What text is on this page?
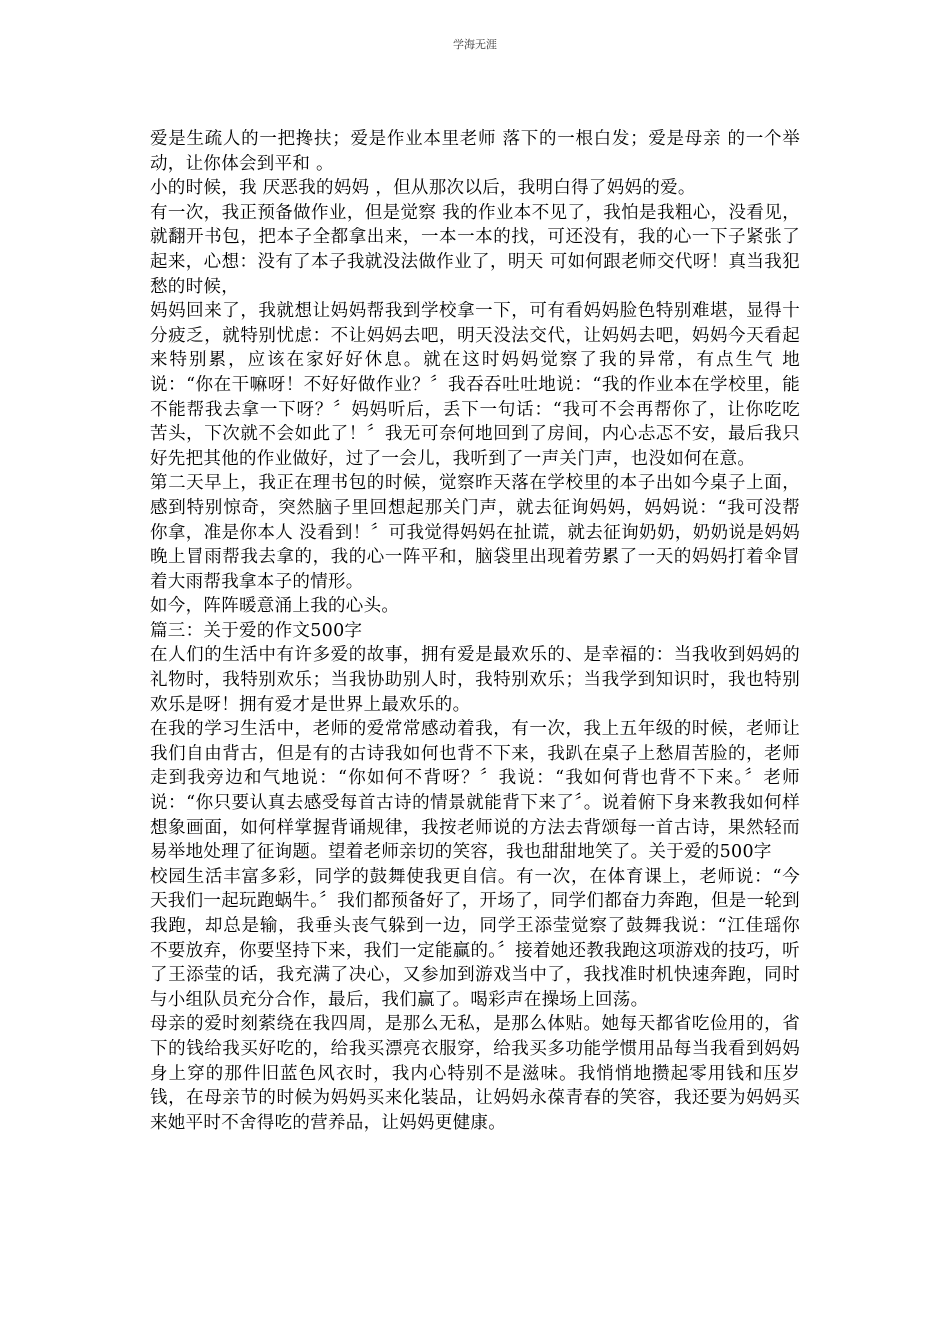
学海无涯

爱是生疏人的一把搀扶；爱是作业本里老师 落下的一根白发；爱是母亲 的一个举动，让你体会到平和 。

小的时候，我 厌恶我的妈妈 ，但从那次以后，我明白得了妈妈的爱。

有一次，我正预备做作业，但是觉察 我的作业本不见了，我怕是我粗心，没看见，就翻开书包，把本子全都拿出来，一本一本的找，可还没有，我的心一下子紧张了起来，心想：没有了本子我就没法做作业了，明天 可如何跟老师交代呀！真当我犯愁的时候，

妈妈回来了，我就想让妈妈帮我到学校拿一下，可有看妈妈脸色特别难堪，显得十分疲乏，就特别忧虑：不让妈妈去吧，明天没法交代，让妈妈去吧，妈妈今天看起来特别累，应该在家好好休息。就在这时妈妈觉察了我的异常，有点生气 地说：“你在干嘛呀！不好好做作业？〞我吞吞吐吐地说：“我的作业本在学校里，能不能帮我去拿一下呀？〞妈妈听后，丢下一句话：“我可不会再帮你了，让你吃吃苦头，下次就不会如此了！〞我无可奈何地回到了房间，内心忐忑不安，最后我只好先把其他的作业做好，过了一会儿，我听到了一声关门声，也没如何在意。

第二天早上，我正在理书包的时候，觉察昨天落在学校里的本子出如今桌子上面，感到特别惊奇，突然脑子里回想起那关门声，就去征询妈妈，妈妈说：“我可没帮你拿，准是你本人 没看到！〞可我觉得妈妈在扯谎，就去征询奶奶，奶奶说是妈妈晚上冒雨帮我去拿的，我的心一阵平和，脑袋里出现着劳累了一天的妈妈打着伞冒着大雨帮我拿本子的情形。

如今，阵阵暖意涌上我的心头。

篇三：关于爱的作文500字

在人们的生活中有许多爱的故事，拥有爱是最欢乐的、是幸福的：当我收到妈妈的礼物时，我特别欢乐；当我协助别人时，我特别欢乐；当我学到知识时，我也特别欢乐是呀！拥有爱才是世界上最欢乐的。

在我的学习生活中，老师的爱常常感动着我，有一次，我上五年级的时候，老师让我们自由背古，但是有的古诗我如何也背不下来，我趴在桌子上愁眉苦脸的，老师走到我旁边和气地说：“你如何不背呀？〞我说：“我如何背也背不下来。〞老师说：“你只要认真去感受每首古诗的情景就能背下来了〞。说着俯下身来教我如何样想象画面，如何样掌握背诵规律，我按老师说的方法去背颂每一首古诗，果然轻而易举地处理了征询题。望着老师亲切的笑容，我也甜甜地笑了。关于爱的500字

校园生活丰富多彩，同学的鼓舞使我更自信。有一次，在体育课上，老师说：“今天我们一起玩跑蜗牛。〞我们都预备好了，开场了，同学们都奋力奔跑，但是一轮到我跑，却总是输，我垂头丧气躲到一边，同学王添莹觉察了鼓舞我说：“江佳瑶你不要放弃，你要坚持下来，我们一定能赢的。〞接着她还教我跑这项游戏的技巧，听了王添莹的话，我充满了决心，又参加到游戏当中了，我找准时机快速奔跑，同时与小组队员充分合作，最后，我们赢了。喝彩声在操场上回荡。

母亲的爱时刻萦绕在我四周，是那么无私，是那么体贴。她每天都省吃俭用的，省下的钱给我买好吃的，给我买漂亮衣服穿，给我买多功能学惯用品每当我看到妈妈身上穿的那件旧蓝色风衣时，我内心特别不是滋味。我悄悄地攒起零用钱和压岁钱，在母亲节的时候为妈妈买来化装品，让妈妈永葆青春的笑容，我还要为妈妈买来她平时不舍得吃的营养品，让妈妈更健康。
